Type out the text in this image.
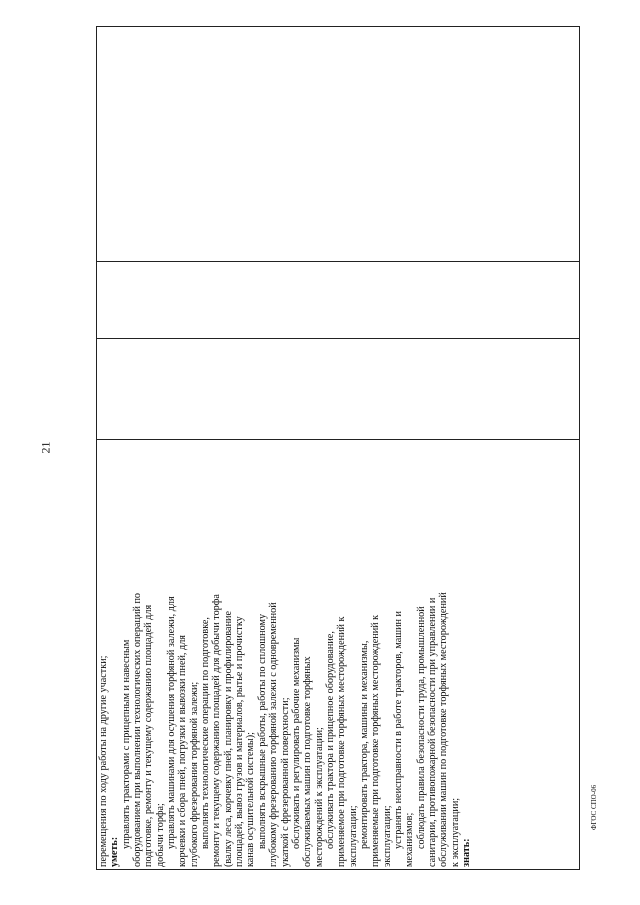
21
перемещения по ходу работы на другие участки; уметь:
управлять тракторами с прицепным и навесным оборудованием при выполнении технологических операций по подготовке, ремонту и текущему содержанию площадей для добычи торфа; управлять машинами для осушения торфяной залежи, для корчевки и сбора пней, погрузки и вывозки пней, для глубокого фрезерования торфяной залежи; выполнять технологические операции по подготовке, ремонту и текущему содержанию площадей для добычи торфа (валку леса, корчевку пней, планировку и профилирование площадей, вывоз грузов и материалов, рытье и прочистку канав осушительной системы); выполнять вскрышные работы, работы по сплошному глубокому фрезерованию торфяной залежи с одновременной укаткой с фрезерованной поверхности; обслуживать и регулировать рабочие механизмы обслуживаемых машин по подготовке торфяных месторождений к эксплуатации; обслуживать трактора и прицепное оборудование, применяемое при подготовке торфяных месторождений к эксплуатации; ремонтировать трактора, машины и механизмы, применяемые при подготовке торфяных месторождений к эксплуатации; устранять неисправности в работе тракторов, машин и механизмов; соблюдать правила безопасности труда, промышленной санитарии, противопожарной безопасности при управлении и обслуживании машин по подготовке торфяных месторождений к эксплуатации; знать:

ФГОС СПО-06
